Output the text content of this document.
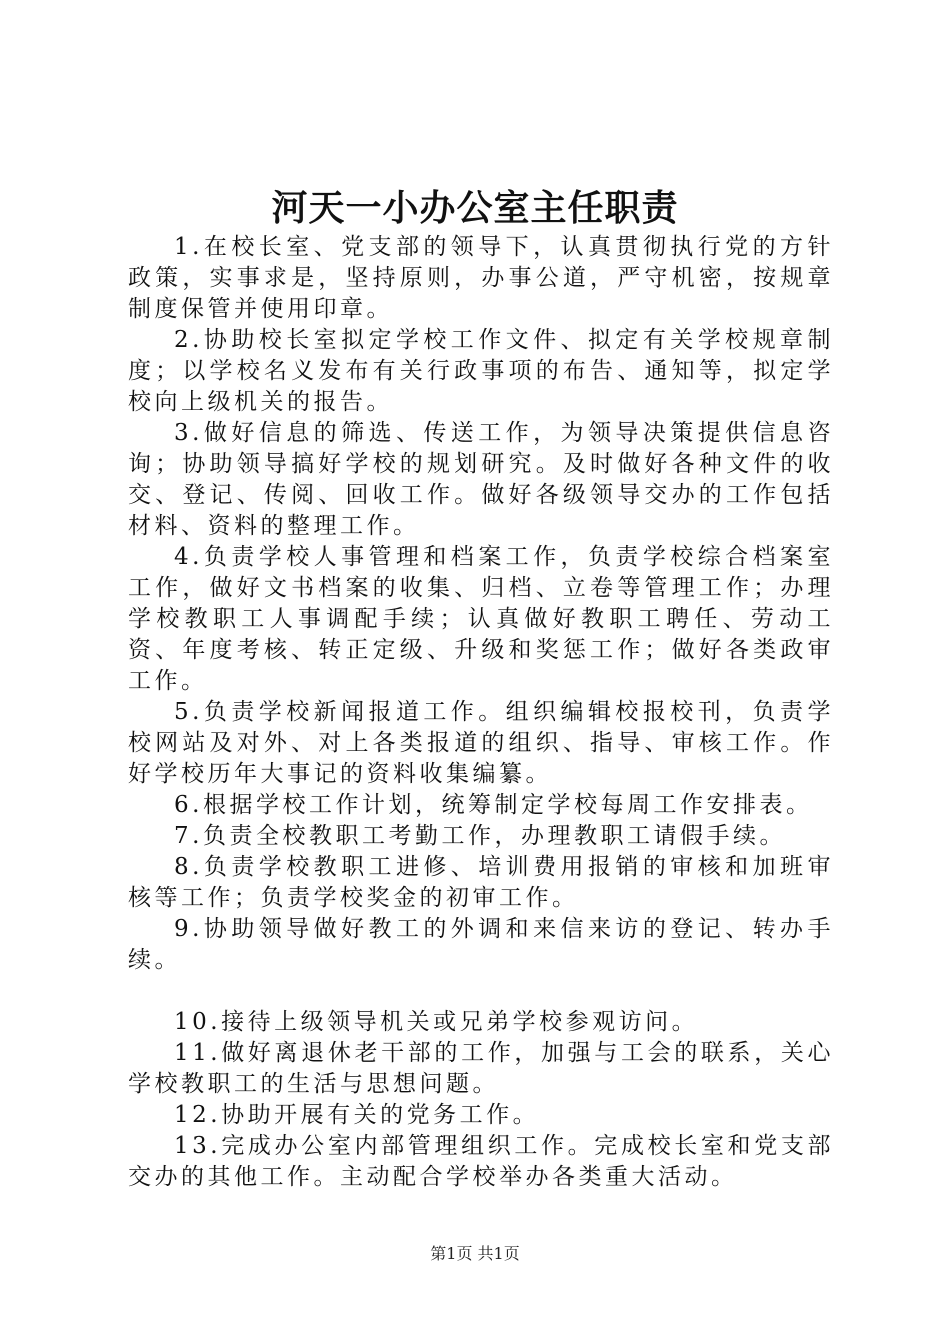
河天一小办公室主任职责

1.在校长室、党支部的领导下，认真贯彻执行党的方针政策，实事求是，坚持原则，办事公道，严守机密，按规章制度保管并使用印章。

2.协助校长室拟定学校工作文件、拟定有关学校规章制度；以学校名义发布有关行政事项的布告、通知等，拟定学校向上级机关的报告。

3.做好信息的筛选、传送工作，为领导决策提供信息咨询；协助领导搞好学校的规划研究。及时做好各种文件的收交、登记、传阅、回收工作。做好各级领导交办的工作包括材料、资料的整理工作。

4.负责学校人事管理和档案工作，负责学校综合档案室工作，做好文书档案的收集、归档、立卷等管理工作；办理学校教职工人事调配手续；认真做好教职工聘任、劳动工资、年度考核、转正定级、升级和奖惩工作；做好各类政审工作。

5.负责学校新闻报道工作。组织编辑校报校刊，负责学校网站及对外、对上各类报道的组织、指导、审核工作。作好学校历年大事记的资料收集编纂。

6.根据学校工作计划，统筹制定学校每周工作安排表。

7.负责全校教职工考勤工作，办理教职工请假手续。

8.负责学校教职工进修、培训费用报销的审核和加班审核等工作；负责学校奖金的初审工作。

9.协助领导做好教工的外调和来信来访的登记、转办手续。

10.接待上级领导机关或兄弟学校参观访问。

11.做好离退休老干部的工作，加强与工会的联系，关心学校教职工的生活与思想问题。

12.协助开展有关的党务工作。

13.完成办公室内部管理组织工作。完成校长室和党支部交办的其他工作。主动配合学校举办各类重大活动。

第1页 共1页
